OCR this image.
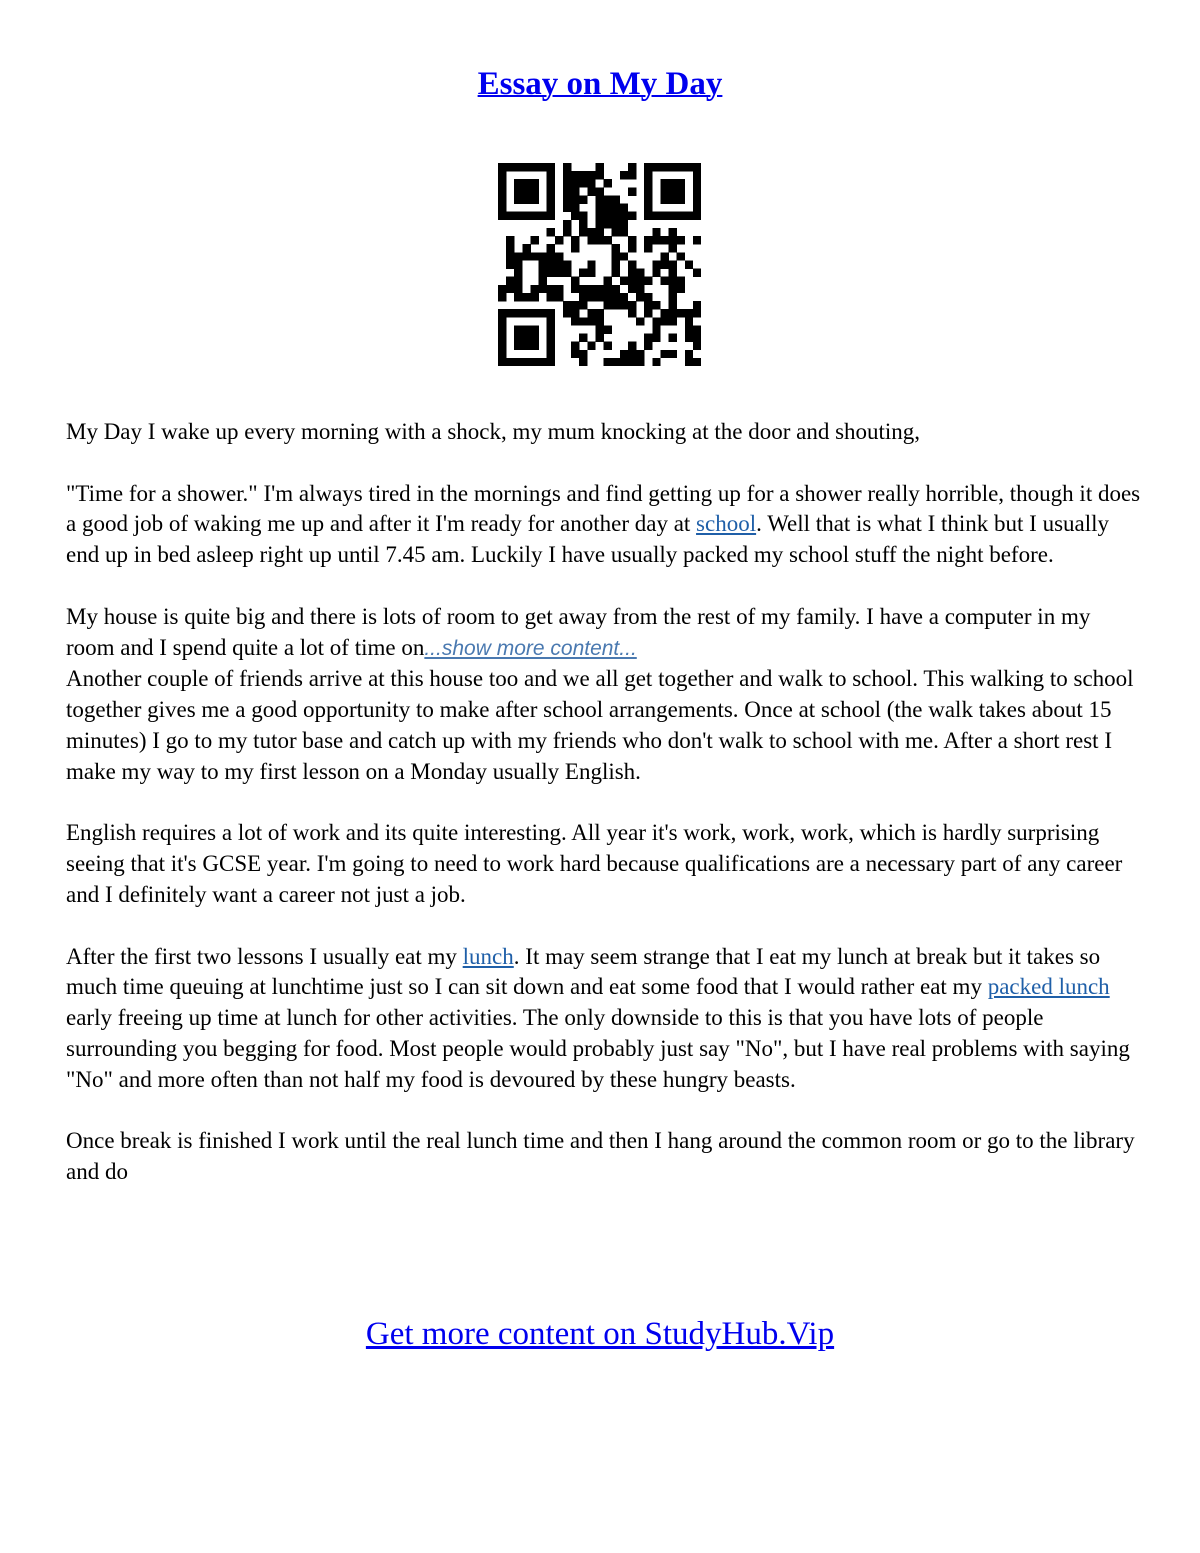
Essay on My Day

My Day I wake up every morning with a shock, my mum knocking at the door and shouting,

"Time for a shower." I'm always tired in the mornings and find getting up for a shower really horrible, though it does a good job of waking me up and after it I'm ready for another day at school. Well that is what I think but I usually end up in bed asleep right up until 7.45 am. Luckily I have usually packed my school stuff the night before.

My house is quite big and there is lots of room to get away from the rest of my family. I have a computer in my room and I spend quite a lot of time on...show more content...
Another couple of friends arrive at this house too and we all get together and walk to school. This walking to school together gives me a good opportunity to make after school arrangements. Once at school (the walk takes about 15 minutes) I go to my tutor base and catch up with my friends who don't walk to school with me. After a short rest I make my way to my first lesson on a Monday usually English.

English requires a lot of work and its quite interesting. All year it's work, work, work, which is hardly surprising seeing that it's GCSE year. I'm going to need to work hard because qualifications are a necessary part of any career and I definitely want a career not just a job.

After the first two lessons I usually eat my lunch. It may seem strange that I eat my lunch at break but it takes so much time queuing at lunchtime just so I can sit down and eat some food that I would rather eat my packed lunch early freeing up time at lunch for other activities. The only downside to this is that you have lots of people surrounding you begging for food. Most people would probably just say "No", but I have real problems with saying "No" and more often than not half my food is devoured by these hungry beasts.

Once break is finished I work until the real lunch time and then I hang around the common room or go to the library and do

Get more content on StudyHub.Vip
